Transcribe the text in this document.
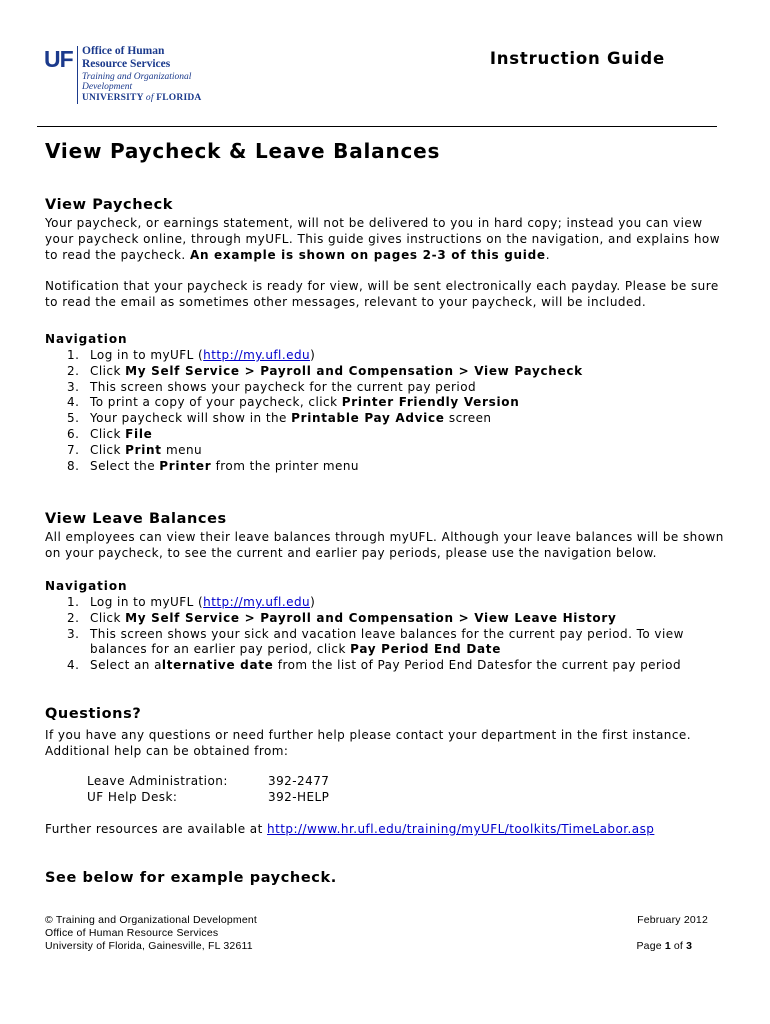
UF Office of Human
Resource Services
Training and Organizational
Development
UNIVERSITY of FLORIDA
Instruction Guide
View Paycheck & Leave Balances
View Paycheck
Your paycheck, or earnings statement, will not be delivered to you in hard copy; instead you can view
your paycheck online, through myUFL. This guide gives instructions on the navigation, and explains how
to read the paycheck. An example is shown on pages 2-3 of this guide.
Notification that your paycheck is ready for view, will be sent electronically each payday. Please be sure
to read the email as sometimes other messages, relevant to your paycheck, will be included.
Navigation
1. Log in to myUFL (http://my.ufl.edu)
2. Click My Self Service > Payroll and Compensation > View Paycheck
3. This screen shows your paycheck for the current pay period
4. To print a copy of your paycheck, click Printer Friendly Version
5. Your paycheck will show in the Printable Pay Advice screen
6. Click File
7. Click Print menu
8. Select the Printer from the printer menu
View Leave Balances
All employees can view their leave balances through myUFL. Although your leave balances will be shown
on your paycheck, to see the current and earlier pay periods, please use the navigation below.
Navigation
1. Log in to myUFL (http://my.ufl.edu)
2. Click My Self Service > Payroll and Compensation > View Leave History
3. This screen shows your sick and vacation leave balances for the current pay period. To view
balances for an earlier pay period, click Pay Period End Date
4. Select an alternative date from the list of Pay Period End Datesfor the current pay period
Questions?
If you have any questions or need further help please contact your department in the first instance.
Additional help can be obtained from:
Leave Administration:	392-2477
UF Help Desk:	392-HELP
Further resources are available at http://www.hr.ufl.edu/training/myUFL/toolkits/TimeLabor.asp
See below for example paycheck.
© Training and Organizational Development
Office of Human Resource Services
University of Florida, Gainesville, FL 32611
February 2012
Page 1 of 3
